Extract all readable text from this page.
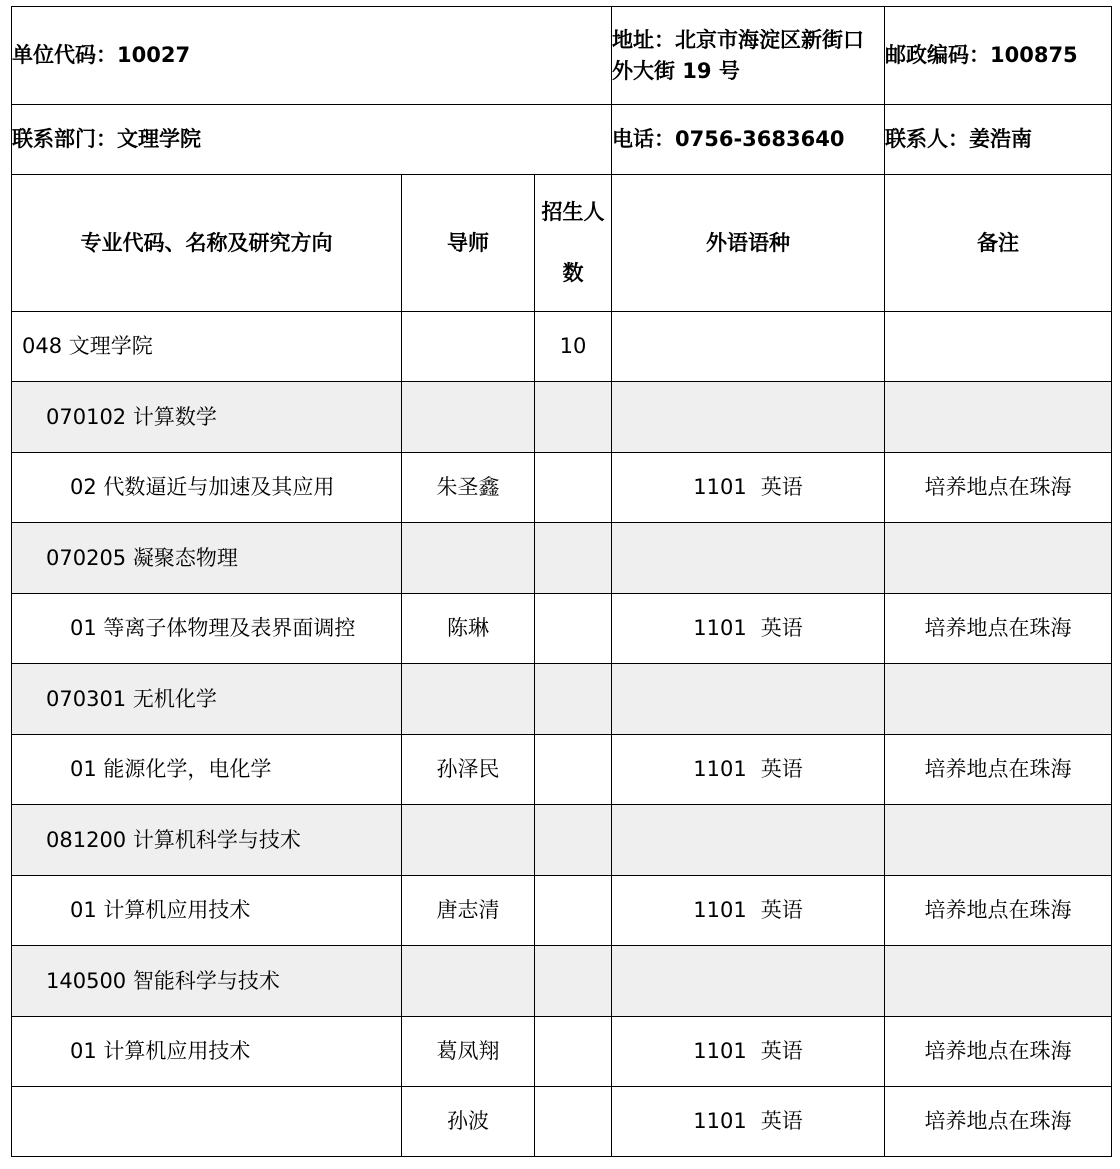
单位代码：10027			地址：北京市海淀区新街口外大街 19 号	邮政编码：100875
联系部门：文理学院			电话：0756-3683640	联系人：姜浩南
专业代码、名称及研究方向	导师	招生人数	外语语种	备注
048 文理学院		10		
070102 计算数学				
02 代数逼近与加速及其应用	朱圣鑫		1101 英语	培养地点在珠海
070205 凝聚态物理				
01 等离子体物理及表界面调控	陈琳		1101 英语	培养地点在珠海
070301 无机化学				
01 能源化学，电化学	孙泽民		1101 英语	培养地点在珠海
081200 计算机科学与技术				
01 计算机应用技术	唐志清		1101 英语	培养地点在珠海
140500 智能科学与技术				
01 计算机应用技术	葛凤翔		1101 英语	培养地点在珠海
	孙波		1101 英语	培养地点在珠海
